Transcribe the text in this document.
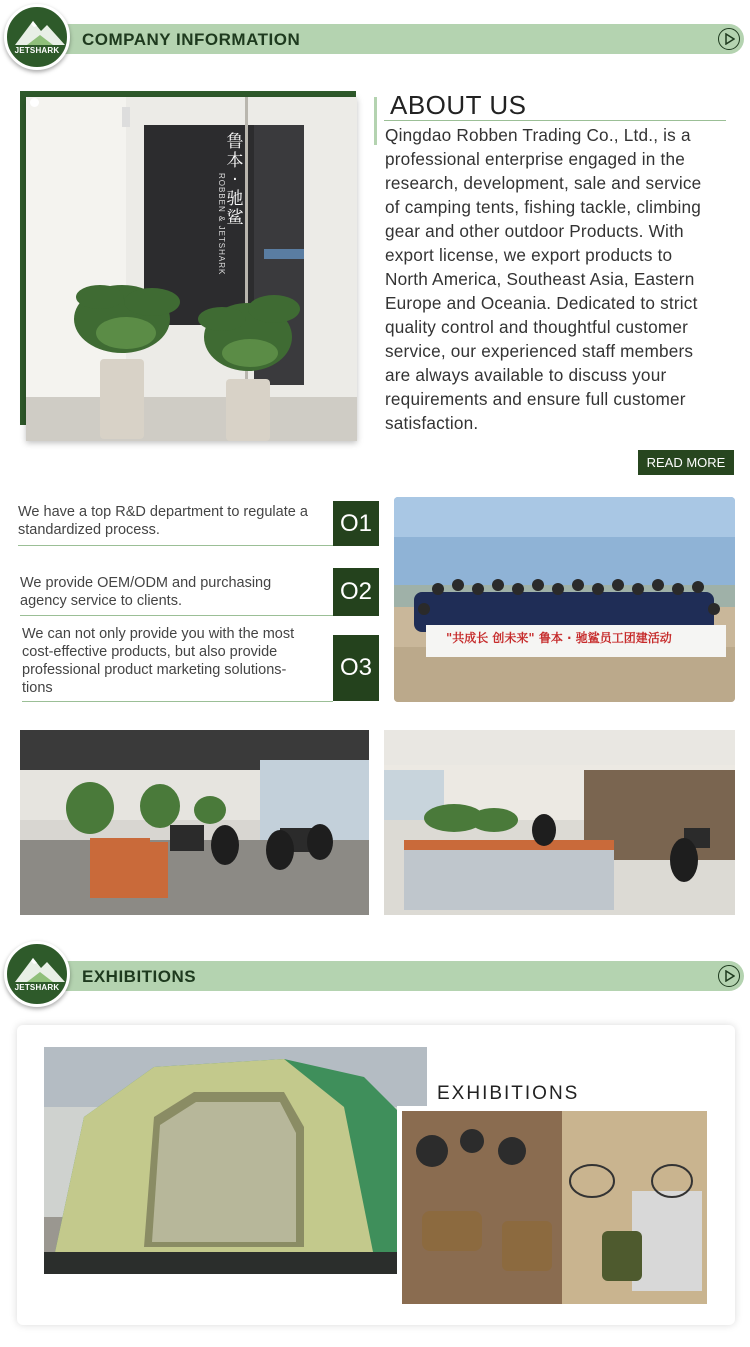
COMPANY INFORMATION
JETSHARK
鲁本·驰鲨
ROBBEN & JETSHARK
ABOUT US
Qingdao Robben Trading Co., Ltd., is a
professional enterprise engaged in the
research, development, sale and service
of camping tents, fishing tackle, climbing
gear and other outdoor Products. With
export license, we export products to
North America, Southeast Asia, Eastern
Europe and Oceania. Dedicated to strict
quality control and thoughtful customer
service, our experienced staff members
are always available to discuss your
requirements and ensure full customer
satisfaction.
READ MORE
We have a top R&D department to regulate a
standardized process.	O1
We provide OEM/ODM and purchasing
agency service to clients.	O2
We can not only provide you with the most
cost-effective products, but also provide
professional product marketing solutions-
tions
O3
"共成长 创未来" 鲁本 · 驰鲨员工团建活动
EXHIBITIONS
JETSHARK
EXHIBITIONS
